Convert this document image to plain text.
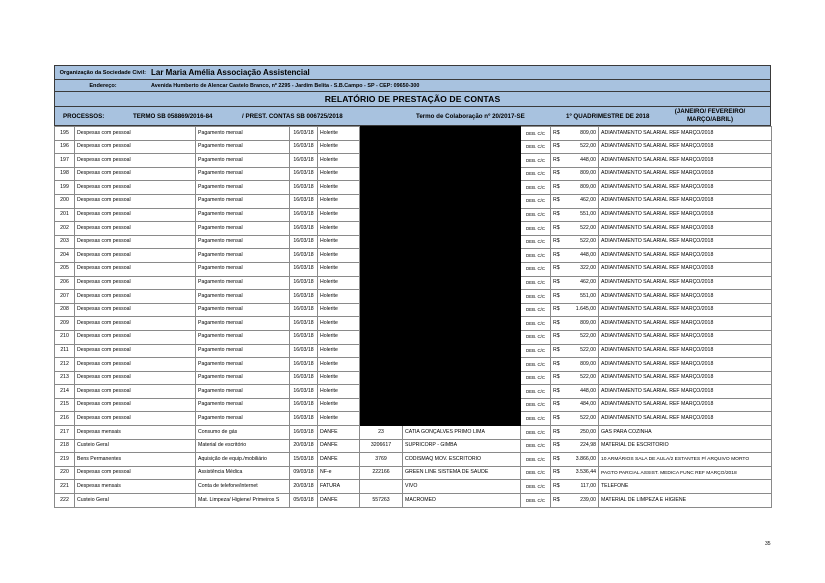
Organização da Sociedade Civil: Lar Maria Amélia Associação Assistencial
Endereço:	Avenida Humberto de Alencar Castelo Branco, nº 2295 - Jardim Belita - S.B.Campo - SP - CEP: 09650-300
RELATÓRIO DE PRESTAÇÃO DE CONTAS
PROCESSOS:	TERMO SB 058869/2016-84	/ PREST. CONTAS SB 006725/2018	Termo de Colaboração nº 20/2017-SE	1º QUADRIMESTRE DE 2018
(JANEIRO/ FEVEREIRO/ MARÇO/ABRIL)
195	Despesas com pessoal	Pagamento mensal	16/03/18	Holerite			DEB. C/C	R$	809,00	ADIANTAMENTO SALARIAL REF MARÇO/2018
196	Despesas com pessoal	Pagamento mensal	16/03/18	Holerite			DEB. C/C	R$	522,00	ADIANTAMENTO SALARIAL REF MARÇO/2018
197	Despesas com pessoal	Pagamento mensal	16/03/18	Holerite			DEB. C/C	R$	448,00	ADIANTAMENTO SALARIAL REF MARÇO/2018
198	Despesas com pessoal	Pagamento mensal	16/03/18	Holerite			DEB. C/C	R$	809,00	ADIANTAMENTO SALARIAL REF MARÇO/2018
199	Despesas com pessoal	Pagamento mensal	16/03/18	Holerite			DEB. C/C	R$	809,00	ADIANTAMENTO SALARIAL REF MARÇO/2018
200	Despesas com pessoal	Pagamento mensal	16/03/18	Holerite			DEB. C/C	R$	462,00	ADIANTAMENTO SALARIAL REF MARÇO/2018
201	Despesas com pessoal	Pagamento mensal	16/03/18	Holerite			DEB. C/C	R$	551,00	ADIANTAMENTO SALARIAL REF MARÇO/2018
202	Despesas com pessoal	Pagamento mensal	16/03/18	Holerite			DEB. C/C	R$	522,00	ADIANTAMENTO SALARIAL REF MARÇO/2018
203	Despesas com pessoal	Pagamento mensal	16/03/18	Holerite			DEB. C/C	R$	522,00	ADIANTAMENTO SALARIAL REF MARÇO/2018
204	Despesas com pessoal	Pagamento mensal	16/03/18	Holerite			DEB. C/C	R$	448,00	ADIANTAMENTO SALARIAL REF MARÇO/2018
205	Despesas com pessoal	Pagamento mensal	16/03/18	Holerite			DEB. C/C	R$	322,00	ADIANTAMENTO SALARIAL REF MARÇO/2018
206	Despesas com pessoal	Pagamento mensal	16/03/18	Holerite			DEB. C/C	R$	462,00	ADIANTAMENTO SALARIAL REF MARÇO/2018
207	Despesas com pessoal	Pagamento mensal	16/03/18	Holerite			DEB. C/C	R$	551,00	ADIANTAMENTO SALARIAL REF MARÇO/2018
208	Despesas com pessoal	Pagamento mensal	16/03/18	Holerite			DEB. C/C	R$	1.645,00	ADIANTAMENTO SALARIAL REF MARÇO/2018
209	Despesas com pessoal	Pagamento mensal	16/03/18	Holerite			DEB. C/C	R$	809,00	ADIANTAMENTO SALARIAL REF MARÇO/2018
210	Despesas com pessoal	Pagamento mensal	16/03/18	Holerite			DEB. C/C	R$	522,00	ADIANTAMENTO SALARIAL REF MARÇO/2018
211	Despesas com pessoal	Pagamento mensal	16/03/18	Holerite			DEB. C/C	R$	522,00	ADIANTAMENTO SALARIAL REF MARÇO/2018
212	Despesas com pessoal	Pagamento mensal	16/03/18	Holerite			DEB. C/C	R$	809,00	ADIANTAMENTO SALARIAL REF MARÇO/2018
213	Despesas com pessoal	Pagamento mensal	16/03/18	Holerite			DEB. C/C	R$	522,00	ADIANTAMENTO SALARIAL REF MARÇO/2018
214	Despesas com pessoal	Pagamento mensal	16/03/18	Holerite			DEB. C/C	R$	448,00	ADIANTAMENTO SALARIAL REF MARÇO/2018
215	Despesas com pessoal	Pagamento mensal	16/03/18	Holerite			DEB. C/C	R$	484,00	ADIANTAMENTO SALARIAL REF MARÇO/2018
216	Despesas com pessoal	Pagamento mensal	16/03/18	Holerite			DEB. C/C	R$	522,00	ADIANTAMENTO SALARIAL REF MARÇO/2018
217	Despesas mensais	Consumo de gás	16/03/18	DANFE	23	CATIA GONÇALVES PRIMO LIMA	DEB. C/C	R$	250,00	GAS PARA COZINHA
218	Custeio Geral	Material de escritório	20/03/18	DANFE	3206617	SUPRICORP - GIMBA	DEB. C/C	R$	224,98	MATERIAL DE ESCRITORIO
219	Bens Permanentes	Aquisição de equip./mobiliário	15/03/18	DANFE	3769	CODISMAQ MOV. ESCRITORIO	DEB. C/C	R$	3.866,00	10 ARMÁRIOS SALA DE AULA/2 ESTANTES P/ ARQUIVO MORTO
220	Despesas com pessoal	Assistência Médica	09/03/18	NF-e	222166	GREEN LINE SISTEMA DE SAUDE	DEB. C/C	R$	3.536,44	PAGTO PARCIAL ASSIST. MEDICA FUNC REF MARÇO/2018
221	Despesas mensais	Conta de telefone/internet	20/03/18	FATURA		VIVO	DEB. C/C	R$	117,00	TELEFONE
222	Custeio Geral	Mat. Limpeza/ Higiene/ Primeiros S	05/03/18	DANFE	557263	MACROMED	DEB. C/C	R$	239,00	MATERIAL DE LIMPEZA E HIGIENE
35
